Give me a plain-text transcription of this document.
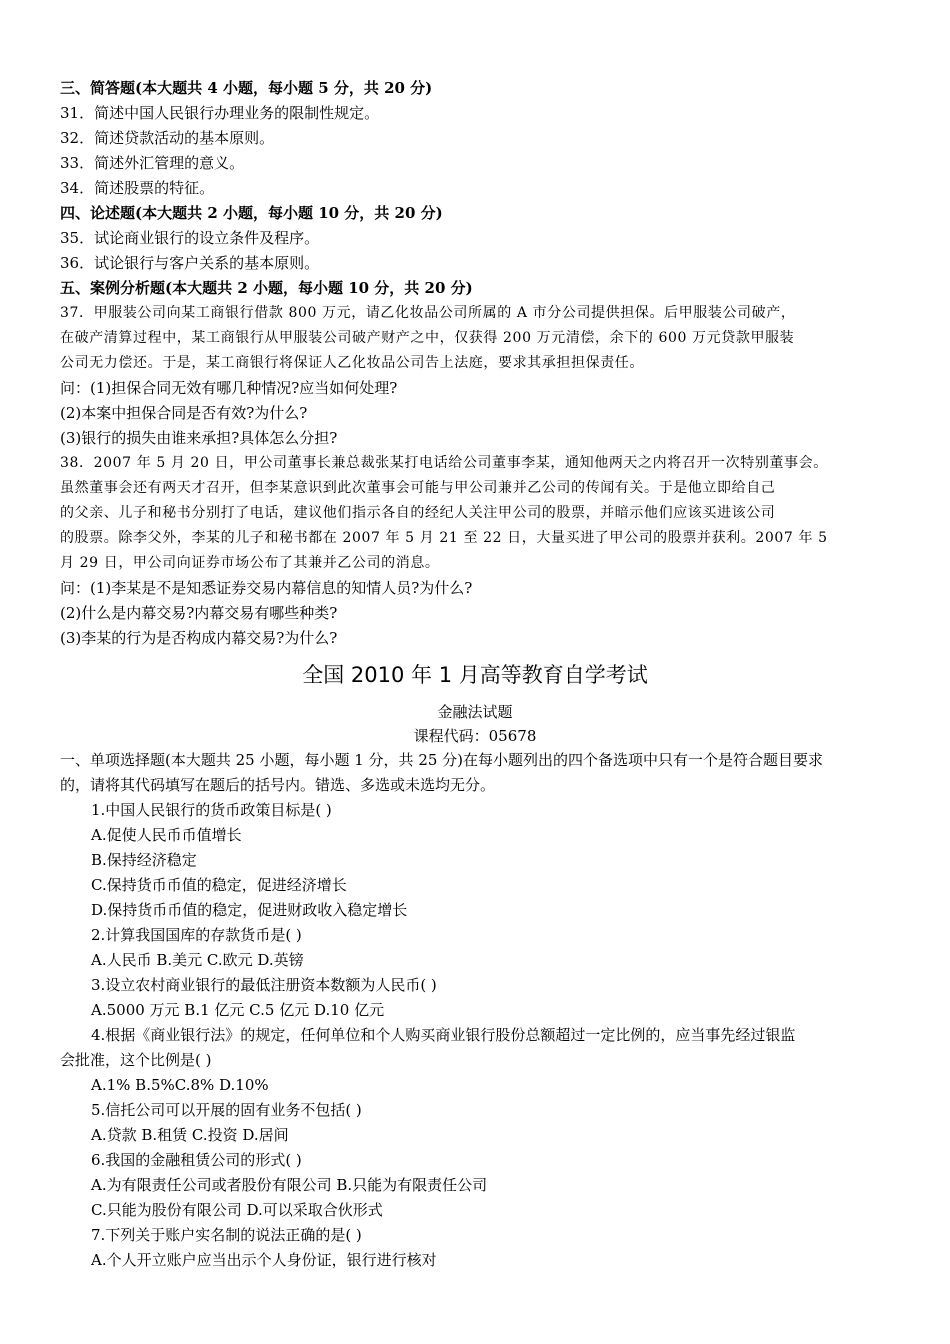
三、简答题(本大题共 4 小题，每小题 5 分，共 20 分)
31．简述中国人民银行办理业务的限制性规定。
32．简述贷款活动的基本原则。
33．简述外汇管理的意义。
34．简述股票的特征。
四、论述题(本大题共 2 小题，每小题 10 分，共 20 分)
35．试论商业银行的设立条件及程序。
36．试论银行与客户关系的基本原则。
五、案例分析题(本大题共 2 小题，每小题 10 分，共 20 分)
37．甲服装公司向某工商银行借款 800 万元，请乙化妆品公司所属的 A 市分公司提供担保。后甲服装公司破产，
在破产清算过程中，某工商银行从甲服装公司破产财产之中，仅获得 200 万元清偿，余下的 600 万元贷款甲服装
公司无力偿还。于是，某工商银行将保证人乙化妆品公司告上法庭，要求其承担担保责任。
问：(1)担保合同无效有哪几种情况?应当如何处理?
(2)本案中担保合同是否有效?为什么?
(3)银行的损失由谁来承担?具体怎么分担?
38．2007 年 5 月 20 日，甲公司董事长兼总裁张某打电话给公司董事李某，通知他两天之内将召开一次特别董事会。
虽然董事会还有两天才召开，但李某意识到此次董事会可能与甲公司兼并乙公司的传闻有关。于是他立即给自己
的父亲、儿子和秘书分别打了电话，建议他们指示各自的经纪人关注甲公司的股票，并暗示他们应该买进该公司
的股票。除李父外，李某的儿子和秘书都在 2007 年 5 月 21 至 22 日，大量买进了甲公司的股票并获利。2007 年 5
月 29 日，甲公司向证券市场公布了其兼并乙公司的消息。
问：(1)李某是不是知悉证券交易内幕信息的知情人员?为什么?
(2)什么是内幕交易?内幕交易有哪些种类?
(3)李某的行为是否构成内幕交易?为什么?
全国 2010 年 1 月高等教育自学考试
金融法试题
课程代码：05678
一、单项选择题(本大题共 25 小题，每小题 1 分，共 25 分)在每小题列出的四个备选项中只有一个是符合题目要求
的，请将其代码填写在题后的括号内。错选、多选或未选均无分。
1.中国人民银行的货币政策目标是( )
A.促使人民币币值增长
B.保持经济稳定
C.保持货币币值的稳定，促进经济增长
D.保持货币币值的稳定，促进财政收入稳定增长
2.计算我国国库的存款货币是( )
A.人民币 B.美元 C.欧元 D.英镑
3.设立农村商业银行的最低注册资本数额为人民币( )
A.5000 万元 B.1 亿元 C.5 亿元 D.10 亿元
4.根据《商业银行法》的规定，任何单位和个人购买商业银行股份总额超过一定比例的，应当事先经过银监
会批准，这个比例是( )
A.1% B.5%C.8% D.10%
5.信托公司可以开展的固有业务不包括( )
A.贷款 B.租赁 C.投资 D.居间
6.我国的金融租赁公司的形式( )
A.为有限责任公司或者股份有限公司 B.只能为有限责任公司
C.只能为股份有限公司 D.可以采取合伙形式
7.下列关于账户实名制的说法正确的是( )
A.个人开立账户应当出示个人身份证，银行进行核对
